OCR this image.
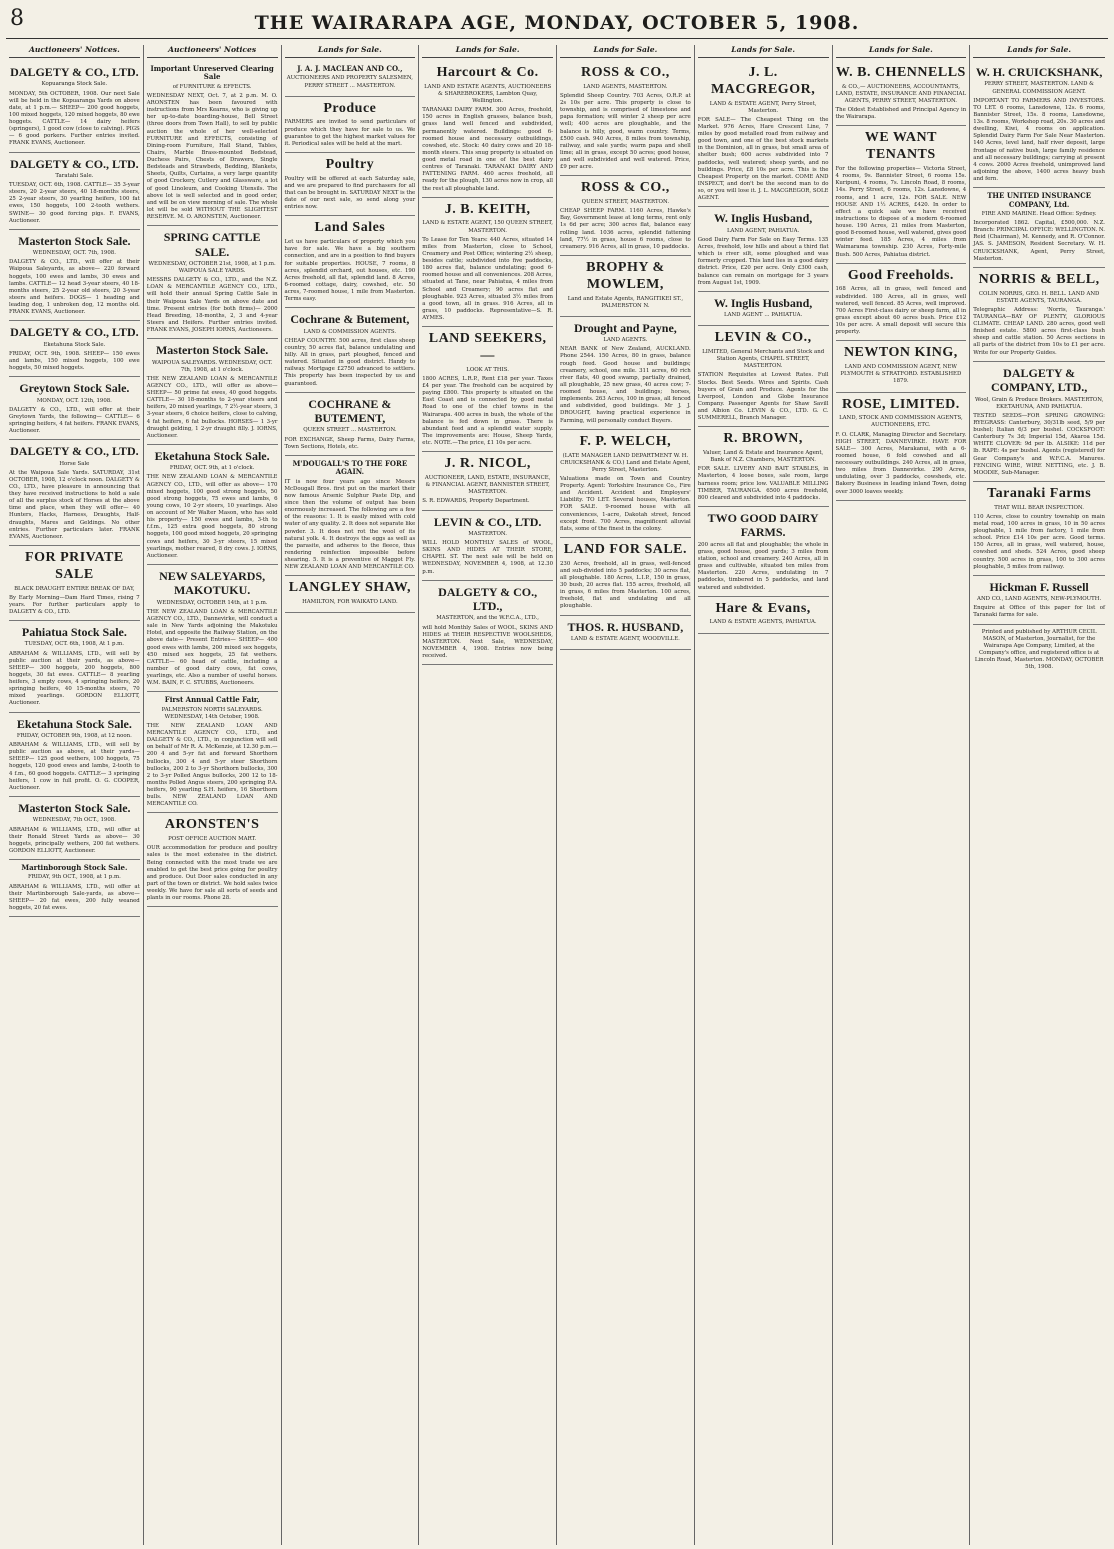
8	THE WAIRARAPA AGE, MONDAY, OCTOBER 5, 1908.
Auctioneers' Notices.
DALGETY & CO., LTD.
Kopuaranga Stock Sale.
MONDAY, 5th OCTOBER, 1908. Our next Sale will be held in the Kopuaranga Yards on above date, at 1 p.m.— SHEEP— 200 good hoggets, 100 mixed hoggets, 120 mixed hoggets, 80 ewe hoggets. CATTLE— 14 dairy heifers (springers), 1 good cow (close to calving). PIGS— 6 good porkers. Further entries invited. FRANK EVANS, Auctioneer.
DALGETY & CO., LTD.
Taratahi Sale.
TUESDAY, OCT. 6th, 1908. CATTLE— 35 3-year steers, 20 2-year steers, 40 18-months steers, 25 2-year steers, 30 yearling heifers, 100 fat ewes, 150 hoggets, 100 2-tooth wethers. SWINE— 30 good forcing pigs. F. EVANS, Auctioneer.
Masterton Stock Sale.
WEDNESDAY, OCT. 7th, 1908.
DALGETY & CO., LTD., will offer at their Waipoua Saleyards, as above— 220 forward hoggets, 100 ewes and lambs, 30 ewes and lambs. CATTLE— 12 head 3-year steers, 40 18-months steers, 25 2-year old steers, 20 3-year steers and heifers. DOGS— 1 heading and leading dog, 1 unbroken dog, 12 months old. FRANK EVANS, Auctioneer.
DALGETY & CO., LTD.
Eketahuna Stock Sale.
FRIDAY, OCT. 9th, 1908. SHEEP— 150 ewes and lambs, 150 mixed hoggets, 100 ewe hoggets, 50 mixed hoggets.
Greytown Stock Sale.
MONDAY, OCT. 12th, 1908.
DALGETY & CO., LTD., will offer at their Greytown Yards, the following— CATTLE— 6 springing heifers, 4 fat heifers. FRANK EVANS, Auctioneer.
DALGETY & CO., LTD.
Horse Sale
At the Waipoua Sale Yards. SATURDAY, 31st OCTOBER, 1908, 12 o'clock noon. DALGETY & CO., LTD., have pleasure in announcing that they have received instructions to hold a sale of all the surplus stock of Horses at the above time and place, when they will offer— 40 Hunters, Hacks, Harness, Draughts, Half-draughts, Mares and Geldings. No other entries. Further particulars later. FRANK EVANS, Auctioneer.
FOR PRIVATE SALE
BLACK DRAUGHT ENTIRE BREAK OF DAY,
By Early Morning—Dam Hard Times, rising 7 years. For further particulars apply to DALGETY & CO., LTD.
Pahiatua Stock Sale.
TUESDAY, OCT. 6th, 1908, At 1 p.m.
ABRAHAM & WILLIAMS, LTD., will sell by public auction at their yards, as above— SHEEP— 300 hoggets, 200 hoggets, 800 hoggets, 30 fat ewes. CATTLE— 8 yearling heifers, 3 empty cows, 4 springing heifers, 20 springing heifers, 40 15-months steers, 70 mixed yearlings. GORDON ELLIOTT, Auctioneer.
Eketahuna Stock Sale.
FRIDAY, OCTOBER 9th, 1908, at 12 noon.
ABRAHAM & WILLIAMS, LTD., will sell by public auction as above, at their yards— SHEEP— 125 good wethers, 100 hoggets, 75 hoggets, 120 good ewes and lambs, 2-tooth to 4 f.m., 60 good hoggets. CATTLE— 3 springing heifers, 1 cow in full profit. O. G. COOPER, Auctioneer.
Masterton Stock Sale.
WEDNESDAY, 7th OCT., 1908.
ABRAHAM & WILLIAMS, LTD., will offer at their Ronald Street Yards as above— 30 hoggets, principally wethers, 200 fat wethers. GORDON ELLIOTT, Auctioneer.
Martinborough Stock Sale.
FRIDAY, 9th OCT., 1908, at 1 p.m.
ABRAHAM & WILLIAMS, LTD., will offer at their Martinborough Sale-yards, as above— SHEEP— 20 fat ewes, 200 fully weaned hoggets, 20 fat ewes.
Auctioneers' Notices
Important Unreserved Clearing Sale
of FURNITURE & EFFECTS.
WEDNESDAY NEXT, Oct. 7, at 2 p.m. M. O. ARONSTEN has been favoured with instructions from Mrs Kearns, who is giving up her up-to-date boarding-house, Bell Street (three doors from Town Hall), to sell by public auction the whole of her well-selected FURNITURE and EFFECTS, consisting of Dining-room Furniture, Hall Stand, Tables, Chairs, Marble Brass-mounted Bedstead, Duchess Pairs, Chests of Drawers, Single Bedsteads and Strawbeds, Bedding, Blankets, Sheets, Quilts, Curtains, a very large quantity of good Crockery, Cutlery and Glassware, a lot of good Linoleum, and Cooking Utensils. The above lot is well selected and in good order, and will be on view morning of sale. The whole lot will be sold WITHOUT THE SLIGHTEST RESERVE. M. O. ARONSTEN, Auctioneer.
SPRING CATTLE SALE.
WEDNESDAY, OCTOBER 21st, 1908, at 1 p.m. WAIPOUA SALE YARDS.
MESSRS DALGETY & CO., LTD., and the N.Z. LOAN & MERCANTILE AGENCY CO., LTD., will hold their annual Spring Cattle Sale in their Waipoua Sale Yards on above date and time. Present entries (for both firms)— 2000 Head Breeding, 18-months, 2, 3 and 4-year Steers and Heifers. Further entries invited. FRANK EVANS, JOSEPH IORNS, Auctioneers.
Masterton Stock Sale.
WAIPOUA SALEYARDS. WEDNESDAY, OCT. 7th, 1908, at 1 o'clock.
THE NEW ZEALAND LOAN & MERCANTILE AGENCY CO., LTD., will offer as above— SHEEP— 50 prime fat ewes, 40 good hoggets. CATTLE— 30 18-months to 2-year steers and heifers, 20 mixed yearlings, 7 2½-year steers, 3 3-year steers, 6 choice heifers, close to calving, 4 fat heifers, 6 fat bullocks. HORSES— 1 3-yr draught gelding, 1 2-yr draught filly. J. IORNS, Auctioneer.
Eketahuna Stock Sale.
FRIDAY, OCT. 9th, at 1 o'clock.
THE NEW ZEALAND LOAN & MERCANTILE AGENCY CO., LTD., will offer as above— 170 mixed hoggets, 100 good strong hoggets, 50 good strong hoggets, 75 ewes and lambs, 6 young cows, 10 2-yr steers, 10 yearlings. Also on account of Mr Walter Mason, who has sold his property— 150 ewes and lambs, 3-th to f.f.m., 125 extra good hoggets, 80 strong hoggets, 100 good mixed hoggets, 20 springing cows and heifers, 30 3-yr steers, 15 mixed yearlings, mother reared, 8 dry cows. J. IORNS, Auctioneer.
NEW SALEYARDS, MAKOTUKU.
WEDNESDAY, OCTOBER 14th, at 1 p.m.
THE NEW ZEALAND LOAN & MERCANTILE AGENCY CO., LTD., Dannevirke, will conduct a sale in New Yards adjoining the Makotuku Hotel, and opposite the Railway Station, on the above date— Present Entries— SHEEP— 400 good ewes with lambs, 200 mixed sex hoggets, 450 mixed sex hoggets, 25 fat wethers. CATTLE— 60 head of cattle, including a number of good dairy cows, fat cows, yearlings, etc. Also a number of useful horses. W.M. BAIN, F. C. STUBBS, Auctioneers.
First Annual Cattle Fair,
PALMERSTON NORTH SALEYARDS. WEDNESDAY, 14th October, 1908.
THE NEW ZEALAND LOAN AND MERCANTILE AGENCY CO., LTD., and DALGETY & CO., LTD., in conjunction will sell on behalf of Mr R. A. McKenzie, at 12.30 p.m.— 200 4 and 5-yr fat and forward Shorthorn bullocks, 300 4 and 5-yr steer Shorthorn bullocks, 200 2 to 3-yr Shorthorn bullocks, 300 2 to 3-yr Polled Angus bullocks, 200 12 to 18-months Polled Angus steers, 200 springing P.A. heifers, 90 yearling S.H. heifers, 16 Shorthorn bulls. NEW ZEALAND LOAN AND MERCANTILE CO.
ARONSTEN'S
POST OFFICE AUCTION MART.
OUR accommodation for produce and poultry sales is the most extensive in the district. Being connected with the most trade we are enabled to get the best price going for poultry and produce. Out Door sales conducted in any part of the town or district. We hold sales twice weekly. We have for sale all sorts of seeds and plants in our rooms. Phone 28.
Lands for Sale.
J. A. J. MACLEAN AND CO.,
AUCTIONEERS AND PROPERTY SALESMEN, PERRY STREET ... MASTERTON.
Produce
FARMERS are invited to send particulars of produce which they have for sale to us. We guarantee to get the highest market values for it. Periodical sales will be held at the mart.
Poultry
Poultry will be offered at each Saturday sale, and we are prepared to find purchasers for all that can be brought in. SATURDAY NEXT is the date of our next sale, so send along your entries now.
Land Sales
Let us have particulars of property which you have for sale. We have a big southern connection, and are in a position to find buyers for suitable properties. HOUSE, 7 rooms, 8 acres, splendid orchard, out houses, etc. 190 Acres freehold, all flat, splendid land. 8 Acres, 6-roomed cottage, dairy, cowshed, etc. 50 acres, 7-roomed house, 1 mile from Masterton. Terms easy.
Cochrane & Butement,
LAND & COMMISSION AGENTS.
CHEAP COUNTRY. 500 acres, first class sheep country, 50 acres flat, balance undulating and hilly. All in grass, part ploughed, fenced and watered. Situated in good district. Handy to railway. Mortgage £2750 advanced to settlers. This property has been inspected by us and guaranteed.
COCHRANE & BUTEMENT,
QUEEN STREET ... MASTERTON.
FOR EXCHANGE, Sheep Farms, Dairy Farms, Town Sections, Hotels, etc.
M'DOUGALL'S TO THE FORE AGAIN.
IT is now four years ago since Messrs McDougall Bros. first put on the market their now famous Arsenic Sulphur Paste Dip, and since then the volume of output has been enormously increased. The following are a few of the reasons: 1. It is easily mixed with cold water of any quality. 2. It does not separate like powder. 3. It does not rot the wool of its natural yolk. 4. It destroys the eggs as well as the parasite, and adheres to the fleece, thus rendering reinfection impossible before shearing. 5. It is a preventive of Maggot Fly. NEW ZEALAND LOAN AND MERCANTILE CO.
LANGLEY SHAW,
HAMILTON, FOR WAIKATO LAND.
Lands for Sale.
Harcourt & Co.
LAND AND ESTATE AGENTS, AUCTIONEERS & SHAREBROKERS, Lambton Quay, Wellington.
TARANAKI DAIRY FARM. 300 Acres, freehold, 150 acres in English grasses, balance bush, grass land well fenced and subdivided, permanently watered. Buildings: good 6-roomed house and necessary outbuildings, cowshed, etc. Stock: 40 dairy cows and 20 18-month steers. This snug property is situated on good metal road in one of the best dairy centres of Taranaki. TARANAKI DAIRY AND FATTENING FARM. 460 acres freehold, all ready for the plough, 130 acres now in crop, all the rest all ploughable land.
J. B. KEITH,
LAND & ESTATE AGENT, 150 QUEEN STREET, MASTERTON.
To Lease for Ten Years: 440 Acres, situated 14 miles from Masterton, close to School, Creamery and Post Office; wintering 2½ sheep, besides cattle; subdivided into five paddocks, 180 acres flat, balance undulating; good 6-roomed house and all conveniences. 208 Acres, situated at Tane, near Pahiatua, 4 miles from School and Creamery; 90 acres flat and ploughable. 923 Acres, situated 3½ miles from a good town, all in grass. 916 Acres, all in grass, 10 paddocks. Representative—S. R. AYMES.
LAND SEEKERS,—
LOOK AT THIS.
1800 ACRES, L.R.P., Rent £18 per year. Taxes £4 per year. The freehold can be acquired by paying £800. This property is situated on the East Coast and is connected by good metal Road to one of the chief towns in the Wairarapa. 400 acres in bush, the whole of the balance is fed down in grass. There is abundant feed and a splendid water supply. The improvements are: House, Sheep Yards, etc. NOTE.—The price, £1 10s per acre.
J. R. NICOL,
AUCTIONEER, LAND, ESTATE, INSURANCE, & FINANCIAL AGENT, BANNISTER STREET, MASTERTON.
S. R. EDWARDS, Property Department.
LEVIN & CO., LTD.
MASTERTON.
WILL HOLD MONTHLY SALES of WOOL, SKINS AND HIDES AT THEIR STORE, CHAPEL ST. The next sale will be held on WEDNESDAY, NOVEMBER 4, 1908, at 12.30 p.m.
DALGETY & CO., LTD.,
MASTERTON, and the W.F.C.A., LTD.,
will hold Monthly Sales of WOOL, SKINS AND HIDES at THEIR RESPECTIVE WOOLSHEDS, MASTERTON. Next Sale, WEDNESDAY, NOVEMBER 4, 1908. Entries now being received.
Lands for Sale.
ROSS & CO.,
LAND AGENTS, MASTERTON.
Splendid Sheep Country. 703 Acres, O.R.P. at 2s 10s per acre. This property is close to township, and is comprised of limestone and papa formation; will winter 2 sheep per acre well; 400 acres are ploughable, and the balance is hilly, good, warm country. Terms, £500 cash. 940 Acres, 8 miles from township, railway, and sale yards; warm papa and shell lime; all in grass, except 50 acres; good house, and well subdivided and well watered. Price, £9 per acre.
ROSS & CO.,
QUEEN STREET, MASTERTON.
CHEAP SHEEP FARM. 1160 Acres, Hawke's Bay, Government lease at long terms, rent only 1s 6d per acre; 300 acres flat, balance easy rolling land. 1036 acres, splendid fattening land, 77½ in grass, house 6 rooms, close to creamery. 916 Acres, all in grass, 10 paddocks.
BROPHY & MOWLEM,
Land and Estate Agents, RANGITIKEI ST., PALMERSTON N.
Drought and Payne,
LAND AGENTS.
NEAR BANK of New Zealand, AUCKLAND. Phone 2544. 150 Acres, 80 in grass, balance rough feed. Good house and buildings; creamery, school, one mile. 311 acres, 60 rich river flats, 40 good swamp, partially drained, all ploughable, 25 new grass, 40 acres cow; 7-roomed house, and buildings; horses, implements. 263 Acres, 100 in grass, all fenced and subdivided, good buildings. Mr J. J. DROUGHT, having practical experience in Farming, will personally conduct Buyers.
F. P. WELCH,
(LATE MANAGER LAND DEPARTMENT W. H. CRUICKSHANK & CO.) Land and Estate Agent, Perry Street, Masterton.
Valuations made on Town and Country Property. Agent: Yorkshire Insurance Co., Fire and Accident. Accident and Employers' Liability. TO LET. Several houses, Masterton. FOR SALE. 9-roomed house with all conveniences, 1-acre, Dakotah street, fenced except front. 700 Acres, magnificent alluvial flats, some of the finest in the colony.
LAND FOR SALE.
230 Acres, freehold, all in grass, well-fenced and sub-divided into 5 paddocks; 30 acres flat, all ploughable. 180 Acres, L.I.P., 150 in grass, 30 bush, 20 acres flat. 155 acres, freehold, all in grass, 6 miles from Masterton. 100 acres, freehold, flat and undulating and all ploughable.
THOS. R. HUSBAND,
LAND & ESTATE AGENT, WOODVILLE.
Lands for Sale.
J. L. MACGREGOR,
LAND & ESTATE AGENT, Perry Street, Masterton.
FOR SALE— The Cheapest Thing on the Market. 976 Acres, Hare Crescent Line, 7 miles by good metalled road from railway and good town, and one of the best stock markets in the Dominion, all in grass, but small area of shelter bush; 600 acres subdivided into 7 paddocks, well watered; sheep yards, and no buildings. Price, £8 10s per acre. This is the Cheapest Property on the market. COME AND INSPECT, and don't be the second man to do so, or you will lose it. J. L. MACGREGOR, SOLE AGENT.
W. Inglis Husband,
LAND AGENT, PAHIATUA.
Good Dairy Farm For Sale on Easy Terms. 135 Acres, freehold, low hills and about a third flat which is river silt, some ploughed and was formerly cropped. This land lies in a good dairy district. Price, £20 per acre. Only £300 cash, balance can remain on mortgage for 3 years from August 1st, 1909.
W. Inglis Husband,
LAND AGENT ... PAHIATUA.
LEVIN & CO.,
LIMITED, General Merchants and Stock and Station Agents, CHAPEL STREET, MASTERTON.
STATION Requisites at Lowest Rates. Full Stocks. Best Seeds. Wires and Spirits. Cash buyers of Grain and Produce. Agents for the Liverpool, London and Globe Insurance Company. Passenger Agents for Shaw Savill and Albion Co. LEVIN & CO., LTD. G. C. SUMMERELL, Branch Manager.
R. BROWN,
Valuer, Land & Estate and Insurance Agent, Bank of N.Z. Chambers, MASTERTON.
FOR SALE. LIVERY AND BAIT STABLES, in Masterton, 4 loose boxes, sale room, large harness room; price low. VALUABLE MILLING TIMBER, TAURANGA. 6500 acres freehold, 800 cleared and subdivided into 4 paddocks.
TWO GOOD DAIRY FARMS.
200 acres all flat and ploughable; the whole in grass, good house, good yards; 3 miles from station, school and creamery. 240 Acres, all in grass and cultivable, situated ten miles from Masterton. 220 Acres, undulating in 7 paddocks, timbered in 5 paddocks, and land watered and subdivided.
Hare & Evans,
LAND & ESTATE AGENTS, PAHIATUA.
Lands for Sale.
W. B. CHENNELLS
& CO.,— AUCTIONEERS, ACCOUNTANTS, LAND, ESTATE, INSURANCE AND FINANCIAL AGENTS, PERRY STREET, MASTERTON.
The Oldest Established and Principal Agency in the Wairarapa.
WE WANT TENANTS
For the following properties— Victoria Street, 4 rooms, 9s. Bannister Street, 6 rooms 15s. Kuripuni, 4 rooms, 7s. Lincoln Road, 8 rooms, 14s. Perry Street, 6 rooms, 12s. Lansdowne, 4 rooms, and 1 acre, 12s. FOR SALE. NEW HOUSE AND 1½ ACRES, £420. In order to effect a quick sale we have received instructions to dispose of a modern 6-roomed house. 190 Acres, 21 miles from Masterton, good 8-roomed house, well watered, gives good winter feed. 185 Acres, 4 miles from Waimarama township. 230 Acres, Forty-mile Bush. 500 Acres, Pahiatua district.
Good Freeholds.
168 Acres, all in grass, well fenced and subdivided. 180 Acres, all in grass, well watered, well fenced. 85 Acres, well improved. 700 Acres First-class dairy or sheep farm, all in grass except about 60 acres bush. Price £12 10s per acre. A small deposit will secure this property.
NEWTON KING,
LAND AND COMMISSION AGENT, NEW PLYMOUTH & STRATFORD. ESTABLISHED 1879.
ROSE, LIMITED.
LAND, STOCK AND COMMISSION AGENTS, AUCTIONEERS, ETC.
F. O. CLARK, Managing Director and Secretary. HIGH STREET, DANNEVIRKE. HAVE FOR SALE— 300 Acres, Marakanui, with a 6-roomed house, 6 fold cowshed and all necessary outbuildings. 240 Acres, all in grass, two miles from Dannevirke. 290 Acres, undulating, over 3 paddocks, cowsheds, etc. Bakery Business in leading inland Town, doing over 3000 loaves weekly.
Lands for Sale.
W. H. CRUICKSHANK,
PERRY STREET, MASTERTON. LAND & GENERAL COMMISSION AGENT.
IMPORTANT TO FARMERS AND INVESTORS. TO LET. 6 rooms, Lansdowne, 12s. 6 rooms, Bannister Street, 15s. 8 rooms, Lansdowne, 13s. 8 rooms, Workshop road, 20s. 30 acres and dwelling, Kiwi, 4 rooms on application. Splendid Dairy Farm For Sale Near Masterton. 140 Acres, level land, half river deposit, large frontage of native bush, large family residence and all necessary buildings; carrying at present 4 cows. 2000 Acres freehold, unimproved land adjoining the above, 1400 acres heavy bush and fern.
THE UNITED INSURANCE COMPANY, Ltd.
FIRE AND MARINE. Head Office: Sydney.
Incorporated 1862. Capital, £500,000. N.Z. Branch: PRINCIPAL OFFICE: WELLINGTON. N. Reid (Chairman), M. Kennedy, and R. O'Connor. JAS. S. JAMESON, Resident Secretary. W. H. CRUICKSHANK, Agent, Perry Street, Masterton.
NORRIS & BELL,
COLIN NORRIS, GEO. H. BELL. LAND AND ESTATE AGENTS, TAURANGA.
Telegraphic Address: 'Norris, Tauranga.' TAURANGA—BAY OF PLENTY, GLORIOUS CLIMATE. CHEAP LAND. 280 acres, good well finished estate. 5800 acres first-class bush sheep and cattle station. 50 Acres sections in all parts of the district from 10s to £1 per acre. Write for our Property Guides.
DALGETY & COMPANY, LTD.,
Wool, Grain & Produce Brokers. MASTERTON, EKETAHUNA, AND PAHIATUA.
TESTED SEEDS—FOR SPRING GROWING: RYEGRASS: Canterbury, 30/31lb seed, 5/9 per bushel; Italian 6/3 per bushel. COCKSFOOT: Canterbury 7s 3d; Imperial 15d, Akaroa 15d. WHITE CLOVER: 9d per lb. ALSIKE: 11d per lb. RAPE: 4s per bushel. Agents (registered) for Gear Company's and W.F.C.A. Manures. FENCING WIRE, WIRE NETTING, etc. J. B. MOODIE, Sub-Manager.
Taranaki Farms
THAT WILL BEAR INSPECTION.
110 Acres, close to country township on main metal road, 100 acres in grass, 10 in 50 acres ploughable, 1 mile from factory, 1 mile from school. Price £14 10s per acre. Good terms. 150 Acres, all in grass, well watered, house, cowshed and sheds. 524 Acres, good sheep country. 500 acres in grass, 100 to 300 acres ploughable, 5 miles from railway.
Hickman F. Russell
AND CO., LAND AGENTS, NEW-PLYMOUTH.
Enquire at Office of this paper for list of Taranaki farms for sale.
Printed and published by ARTHUR CECIL MASON, of Masterton, Journalist, for the Wairarapa Age Company, Limited, at the Company's office, and registered office is at Lincoln Road, Masterton. MONDAY, OCTOBER 5th, 1908.
